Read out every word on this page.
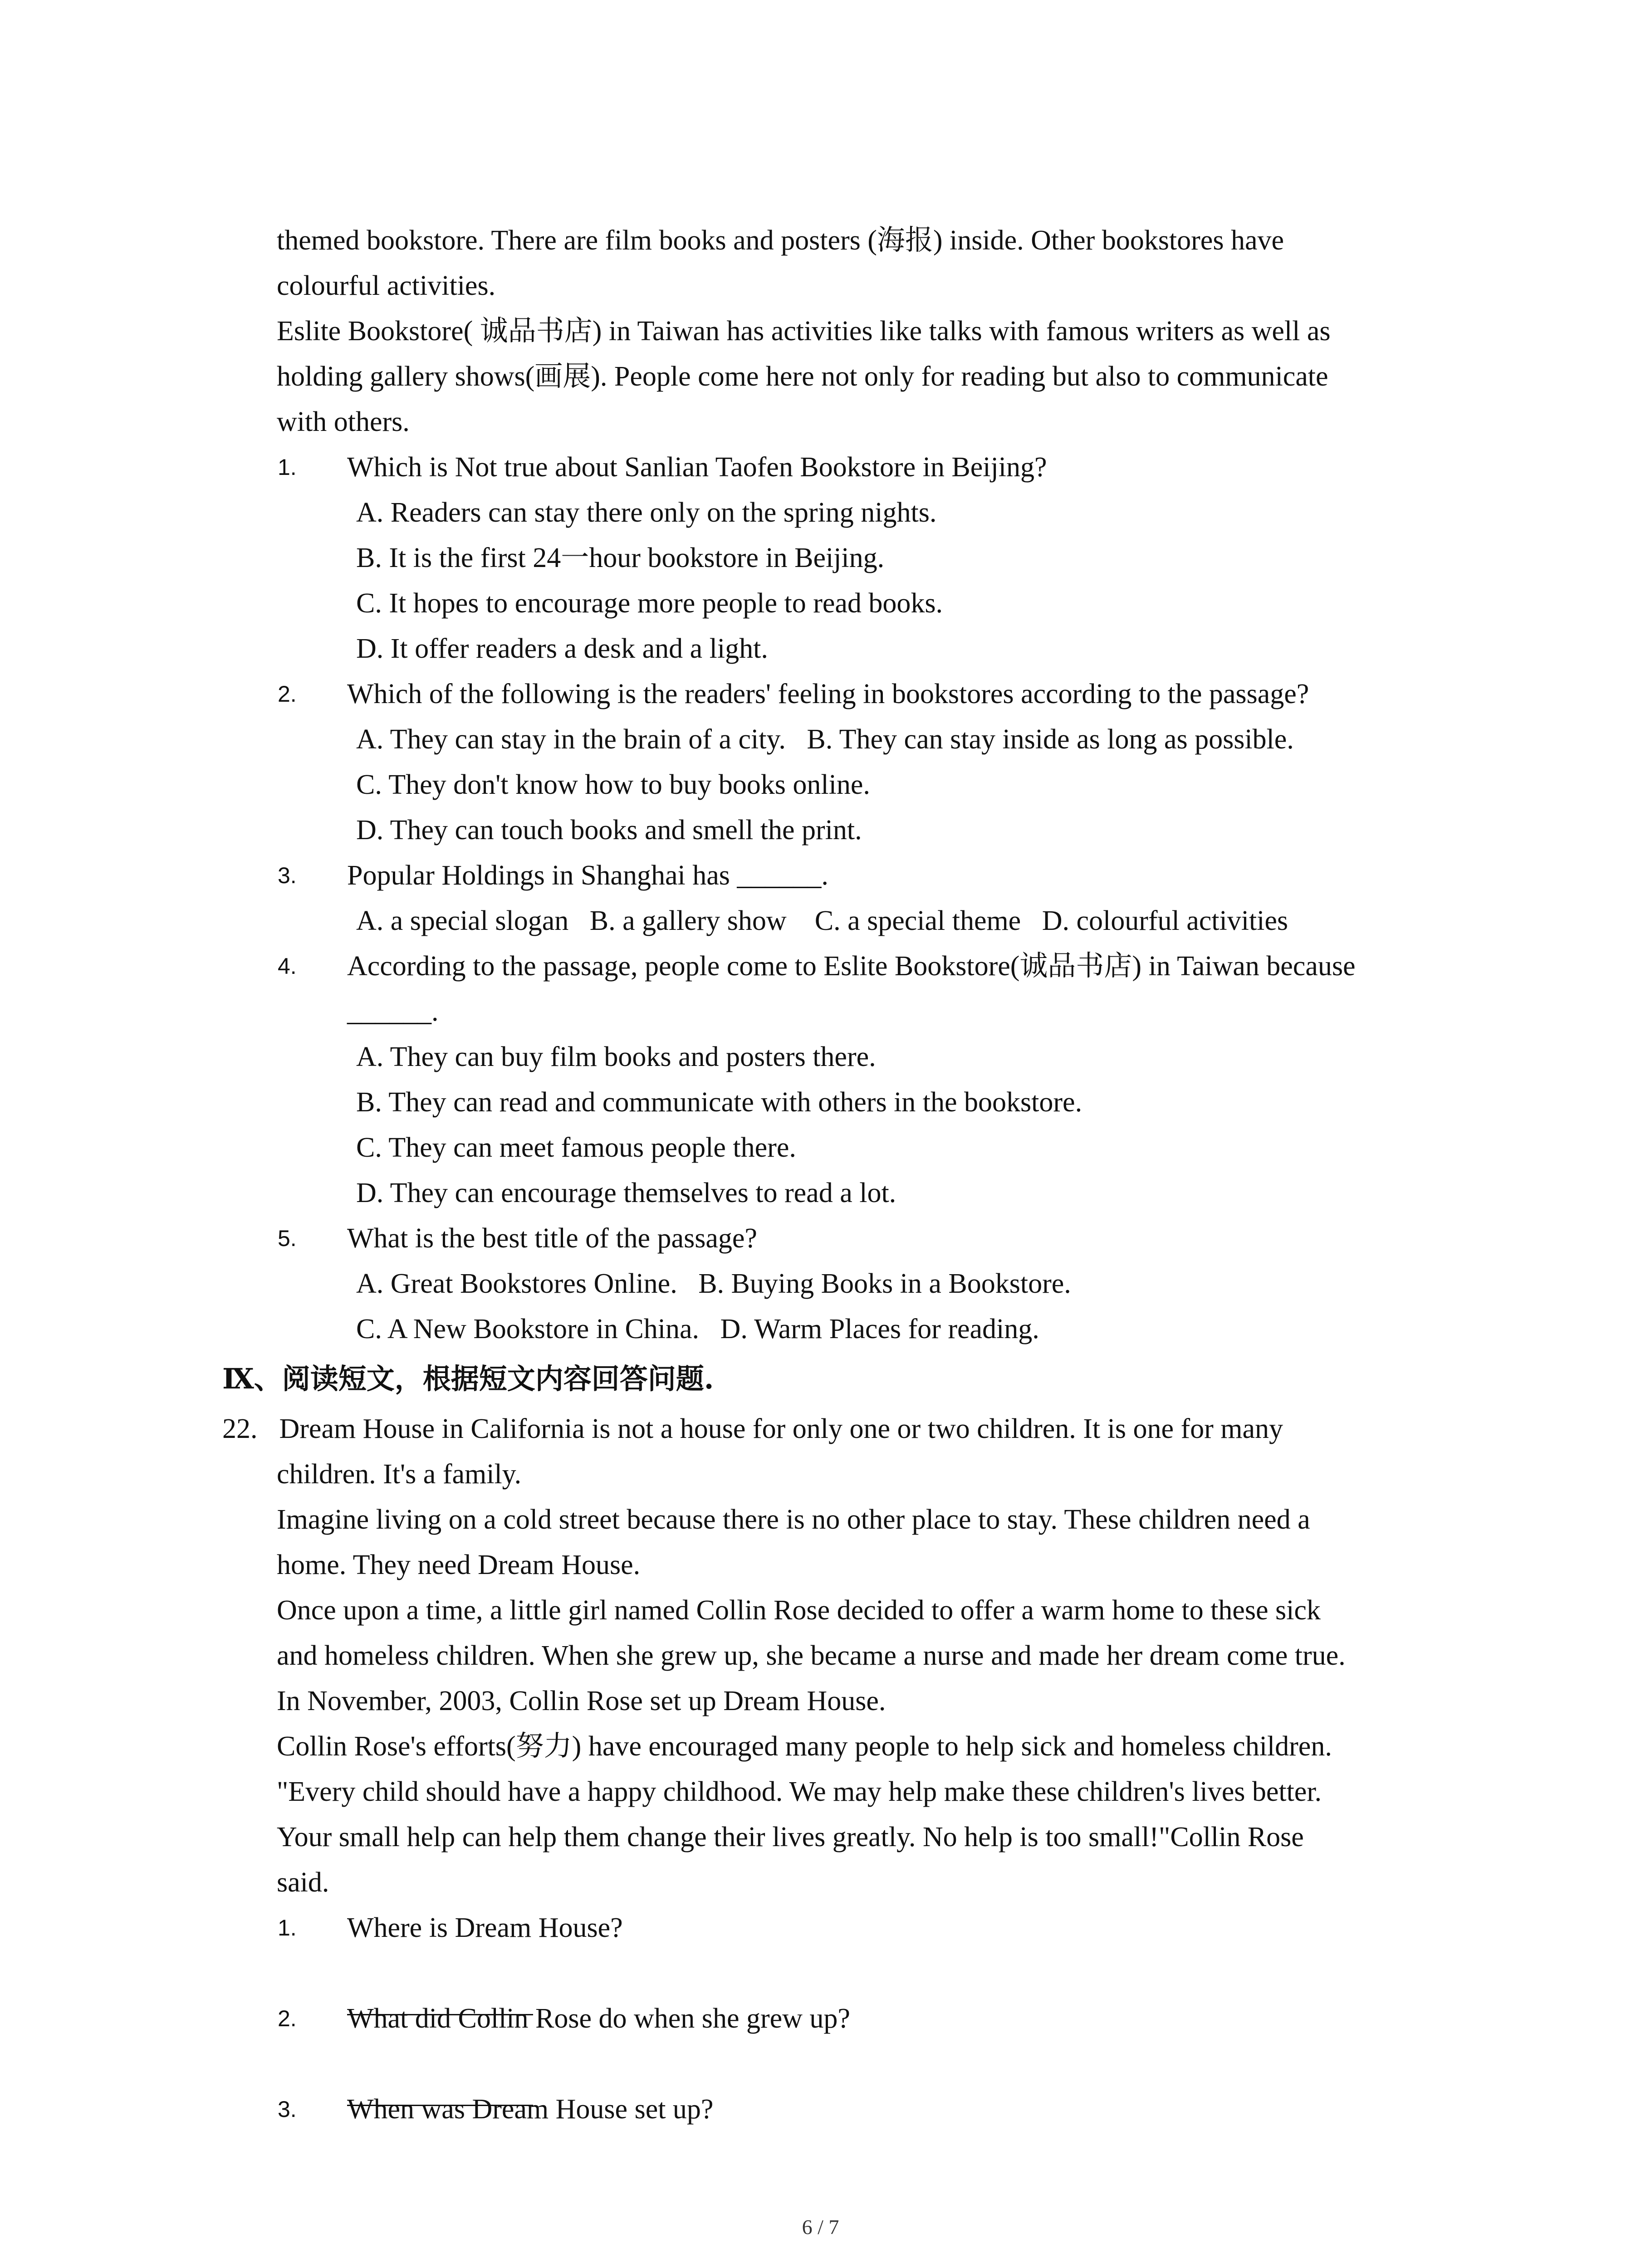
themed bookstore. There are film books and posters (海报) inside. Other bookstores have
colourful activities.
Eslite Bookstore( 诚品书店) in Taiwan has activities like talks with famous writers as well as
holding gallery shows(画展). People come here not only for reading but also to communicate
with others.
1. Which is Not true about Sanlian Taofen Bookstore in Beijing?
A. Readers can stay there only on the spring nights.
B. It is the first 24一hour bookstore in Beijing.
C. It hopes to encourage more people to read books.
D. It offer readers a desk and a light.
2. Which of the following is the readers' feeling in bookstores according to the passage?
A. They can stay in the brain of a city.   B. They can stay inside as long as possible.
C. They don't know how to buy books online.
D. They can touch books and smell the print.
3. Popular Holdings in Shanghai has ______.
A. a special slogan   B. a gallery show    C. a special theme   D. colourful activities
4. According to the passage, people come to Eslite Bookstore(诚品书店) in Taiwan because
______.
A. They can buy film books and posters there.
B. They can read and communicate with others in the bookstore.
C. They can meet famous people there.
D. They can encourage themselves to read a lot.
5. What is the best title of the passage?
A. Great Bookstores Online.   B. Buying Books in a Bookstore.
C. A New Bookstore in China.   D. Warm Places for reading.
Ⅸ、阅读短文，根据短文内容回答问题.
22. Dream House in California is not a house for only one or two children. It is one for many
children. It's a family.
Imagine living on a cold street because there is no other place to stay. These children need a
home. They need Dream House.
Once upon a time, a little girl named Collin Rose decided to offer a warm home to these sick
and homeless children. When she grew up, she became a nurse and made her dream come true.
In November, 2003, Collin Rose set up Dream House.
Collin Rose's efforts(努力) have encouraged many people to help sick and homeless children.
"Every child should have a happy childhood. We may help make these children's lives better.
Your small help can help them change their lives greatly. No help is too small!"Collin Rose
said.
1. Where is Dream House?
2. What did Collin Rose do when she grew up?
3. When was Dream House set up?
6 / 7
